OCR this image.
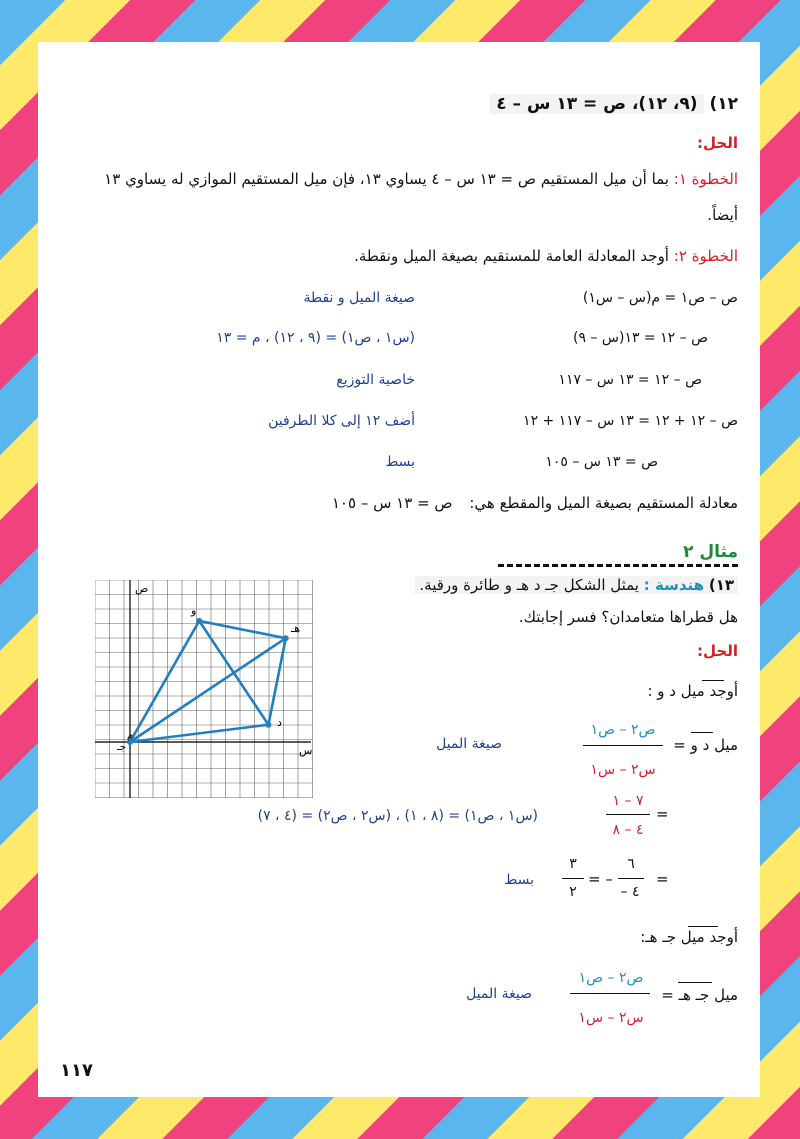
١٢) (٩، ١٢)، ص = ١٣ س – ٤
الحل:
الخطوة ١: بما أن ميل المستقيم ص = ١٣ س – ٤ يساوي ١٣، فإن ميل المستقيم الموازي له يساوي ١٣
أيضاً.
الخطوة ٢: أوجد المعادلة العامة للمستقيم بصيغة الميل ونقطة.
ص – ص١ = م(س – س١)
صيغة الميل و نقطة
ص – ١٢ = ١٣(س – ٩)
(س١ ، ص١) = (٩ ، ١٢) ، م = ١٣
ص – ١٢ = ١٣ س – ١١٧
خاصية التوزيع
ص – ١٢ + ١٢ = ١٣ س – ١١٧ + ١٢
أضف ١٢ إلى كلا الطرفين
ص = ١٣ س – ١٠٥
بسط
معادلة المستقيم بصيغة الميل والمقطع هي: ص = ١٣ س – ١٠٥
مثال ٢
١٣) هندسة : يمثل الشكل جـ د هـ و طائرة ورقية.
هل قطراها متعامدان؟ فسر إجابتك.
الحل:
أوجد ميل د و :
ميل د و =
ص٢ – ص١
س٢ – س١
صيغة الميل
٧ – ١
٤ – ٨
=
(س١ ، ص١) = (٨ ، ١) ، (س٢ ، ص٢) = (٤ ، ٧)
٦
– ٤
=
= –
٣
٢
بسط
أوجد ميل جـ هـ:
ميل جـ هـ =
ص٢ – ص١
س٢ – س١
صيغة الميل
١١٧
س
ص
و
هـ
د
جـ
م
